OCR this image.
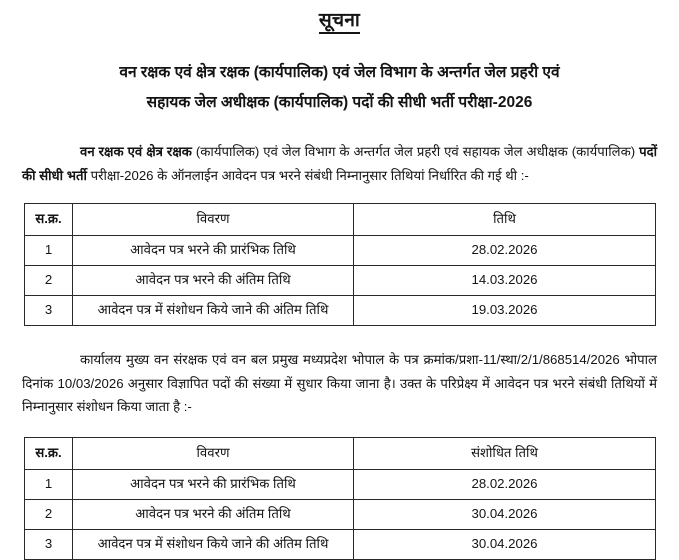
सूचना
वन रक्षक एवं क्षेत्र रक्षक (कार्यपालिक) एवं जेल विभाग के अन्तर्गत जेल प्रहरी एवं
सहायक जेल अधीक्षक (कार्यपालिक) पदों की सीधी भर्ती परीक्षा-2026

वन रक्षक एवं क्षेत्र रक्षक (कार्यपालिक) एवं जेल विभाग के अन्तर्गत जेल प्रहरी एवं सहायक जेल अधीक्षक (कार्यपालिक) पदों की सीधी भर्ती परीक्षा-2026 के ऑनलाईन आवेदन पत्र भरने संबंधी निम्नानुसार तिथियां निर्धारित की गई थी :-

स.क्र.	विवरण	तिथि
1	आवेदन पत्र भरने की प्रारंभिक तिथि	28.02.2026
2	आवेदन पत्र भरने की अंतिम तिथि	14.03.2026
3	आवेदन पत्र में संशोधन किये जाने की अंतिम तिथि	19.03.2026

कार्यालय मुख्य वन संरक्षक एवं वन बल प्रमुख मध्यप्रदेश भोपाल के पत्र क्रमांक/प्रशा-11/स्था/2/1/868514/2026 भोपाल दिनांक 10/03/2026 अनुसार विज्ञापित पदों की संख्या में सुधार किया जाना है। उक्त के परिप्रेक्ष्य में आवेदन पत्र भरने संबंधी तिथियों में निम्नानुसार संशोधन किया जाता है :-

स.क्र.	विवरण	संशोधित तिथि
1	आवेदन पत्र भरने की प्रारंभिक तिथि	28.02.2026
2	आवेदन पत्र भरने की अंतिम तिथि	30.04.2026
3	आवेदन पत्र में संशोधन किये जाने की अंतिम तिथि	30.04.2026
